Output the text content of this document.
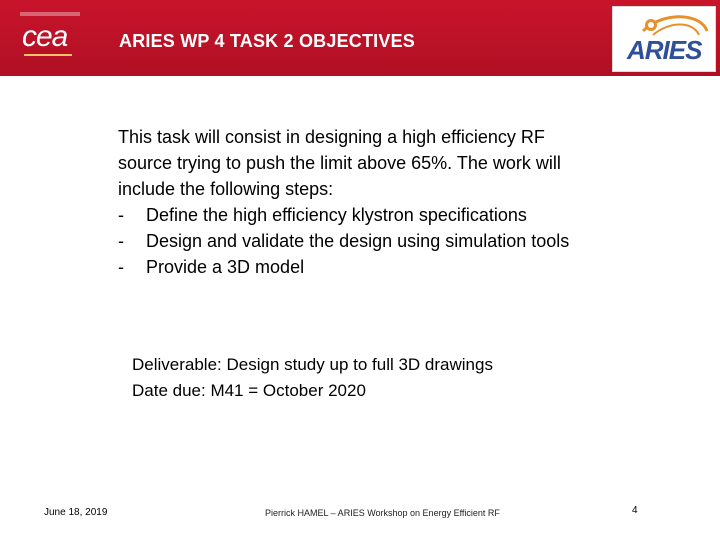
cea	ARIES WP 4 TASK 2 OBJECTIVES	ARIES

This task will consist in designing a high efficiency RF

source trying to push the limit above 65%. The work will

include the following steps:

-	Define the high efficiency klystron specifications
-	Design and validate the design using simulation tools
-	Provide a 3D model

Deliverable: Design study up to full 3D drawings

Date due: M41 = October 2020

June 18, 2019	Pierrick HAMEL – ARIES Workshop on Energy Efficient RF	4
